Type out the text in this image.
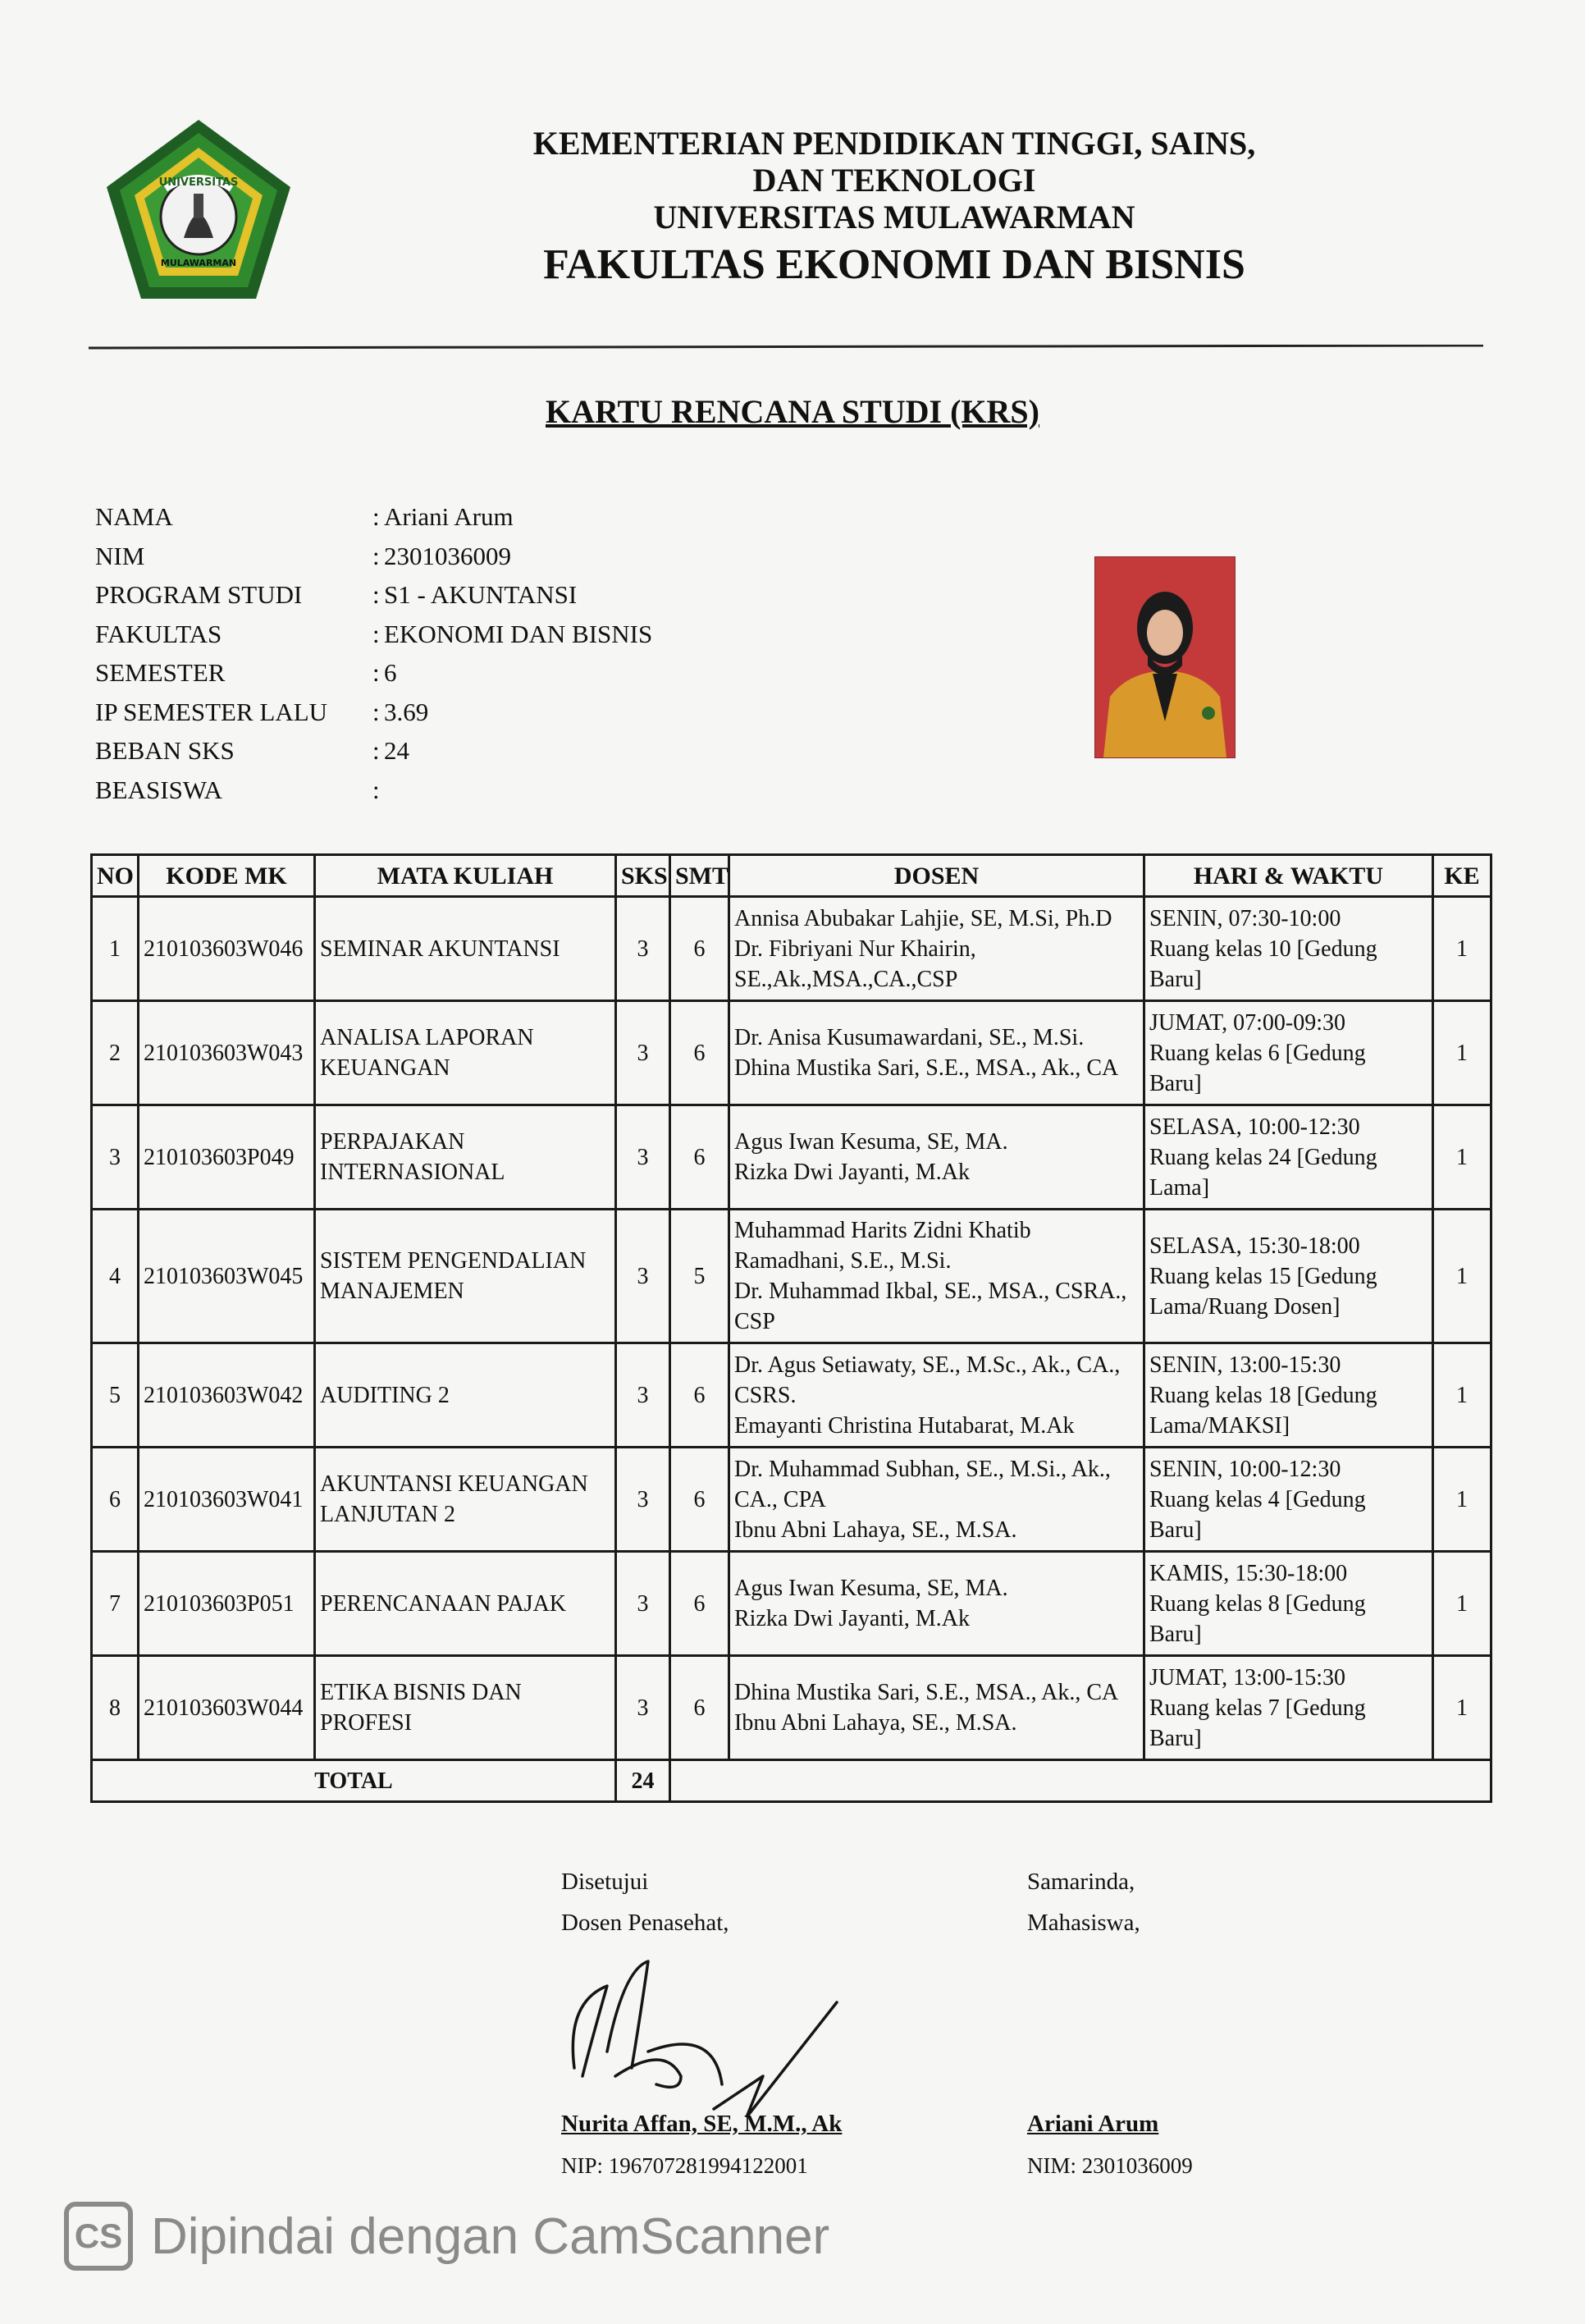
UNIVERSITAS
MULAWARMAN
KEMENTERIAN PENDIDIKAN TINGGI, SAINS,
DAN TEKNOLOGI
UNIVERSITAS MULAWARMAN
FAKULTAS EKONOMI DAN BISNIS
KARTU RENCANA STUDI (KRS)
NAMA	: Ariani Arum
NIM	: 2301036009
PROGRAM STUDI	: S1 - AKUNTANSI
FAKULTAS	: EKONOMI DAN BISNIS
SEMESTER	: 6
IP SEMESTER LALU	: 3.69
BEBAN SKS	: 24
BEASISWA	:
NO	KODE MK	MATA KULIAH	SKS	SMT	DOSEN	HARI & WAKTU	KE
1	210103603W046	SEMINAR AKUNTANSI	3	6	Annisa Abubakar Lahjie, SE, M.Si, Ph.D
Dr. Fibriyani Nur Khairin,
SE.,Ak.,MSA.,CA.,CSP	SENIN, 07:30-10:00
Ruang kelas 10 [Gedung
Baru]	1
2	210103603W043	ANALISA LAPORAN
KEUANGAN	3	6	Dr. Anisa Kusumawardani, SE., M.Si.
Dhina Mustika Sari, S.E., MSA., Ak., CA	JUMAT, 07:00-09:30
Ruang kelas 6 [Gedung
Baru]	1
3	210103603P049	PERPAJAKAN
INTERNASIONAL	3	6	Agus Iwan Kesuma, SE, MA.
Rizka Dwi Jayanti, M.Ak	SELASA, 10:00-12:30
Ruang kelas 24 [Gedung
Lama]	1
4	210103603W045	SISTEM PENGENDALIAN
MANAJEMEN	3	5	Muhammad Harits Zidni Khatib
Ramadhani, S.E., M.Si.
Dr. Muhammad Ikbal, SE., MSA., CSRA.,
CSP	SELASA, 15:30-18:00
Ruang kelas 15 [Gedung
Lama/Ruang Dosen]	1
5	210103603W042	AUDITING 2	3	6	Dr. Agus Setiawaty, SE., M.Sc., Ak., CA.,
CSRS.
Emayanti Christina Hutabarat, M.Ak	SENIN, 13:00-15:30
Ruang kelas 18 [Gedung
Lama/MAKSI]	1
6	210103603W041	AKUNTANSI KEUANGAN
LANJUTAN 2	3	6	Dr. Muhammad Subhan, SE., M.Si., Ak.,
CA., CPA
Ibnu Abni Lahaya, SE., M.SA.	SENIN, 10:00-12:30
Ruang kelas 4 [Gedung
Baru]	1
7	210103603P051	PERENCANAAN PAJAK	3	6	Agus Iwan Kesuma, SE, MA.
Rizka Dwi Jayanti, M.Ak	KAMIS, 15:30-18:00
Ruang kelas 8 [Gedung
Baru]	1
8	210103603W044	ETIKA BISNIS DAN
PROFESI	3	6	Dhina Mustika Sari, S.E., MSA., Ak., CA
Ibnu Abni Lahaya, SE., M.SA.	JUMAT, 13:00-15:30
Ruang kelas 7 [Gedung
Baru]	1
TOTAL			24				
Disetujui
Dosen Penasehat,
Samarinda,
Mahasiswa,
Nurita Affan, SE, M.M., Ak
NIP: 196707281994122001
Ariani Arum
NIM: 2301036009
CS Dipindai dengan CamScanner
